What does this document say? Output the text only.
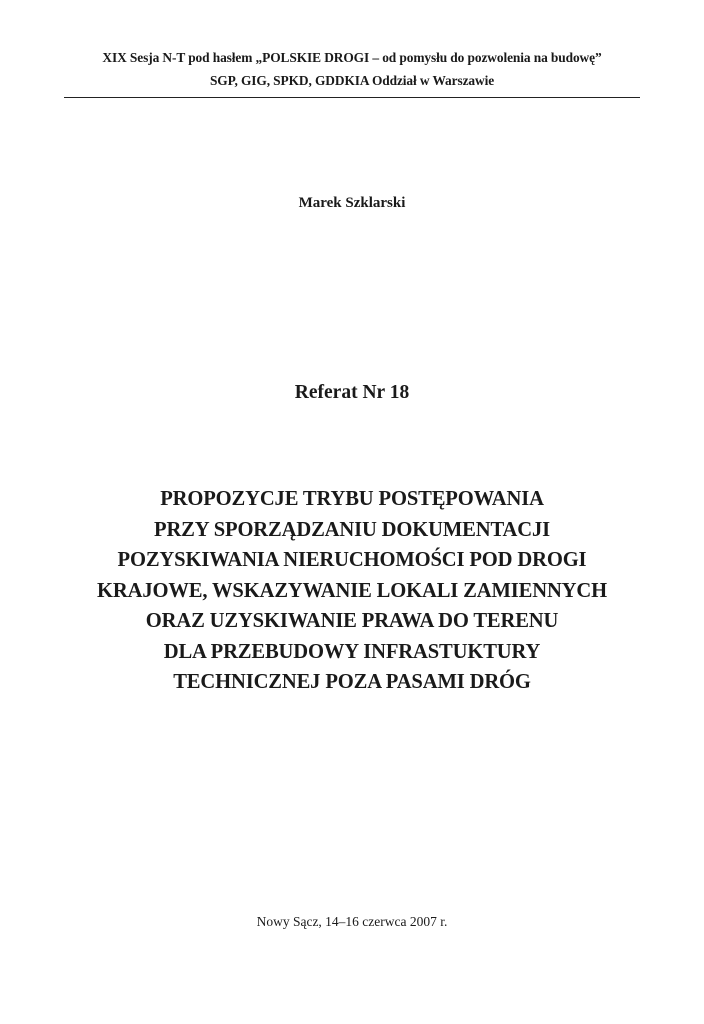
XIX Sesja N-T pod hasłem „POLSKIE DROGI – od pomysłu do pozwolenia na budowę”
SGP, GIG, SPKD, GDDKIA Oddział w Warszawie
Marek Szklarski
Referat Nr 18
PROPOZYCJE TRYBU POSTĘPOWANIA
PRZY SPORZĄDZANIU DOKUMENTACJI
POZYSKIWANIA NIERUCHOMOŚCI POD DROGI
KRAJOWE, WSKAZYWANIE LOKALI ZAMIENNYCH
ORAZ UZYSKIWANIE PRAWA DO TERENU
DLA PRZEBUDOWY INFRASTUKTURY
TECHNICZNEJ POZA PASAMI DRÓG
Nowy Sącz, 14–16 czerwca 2007 r.
